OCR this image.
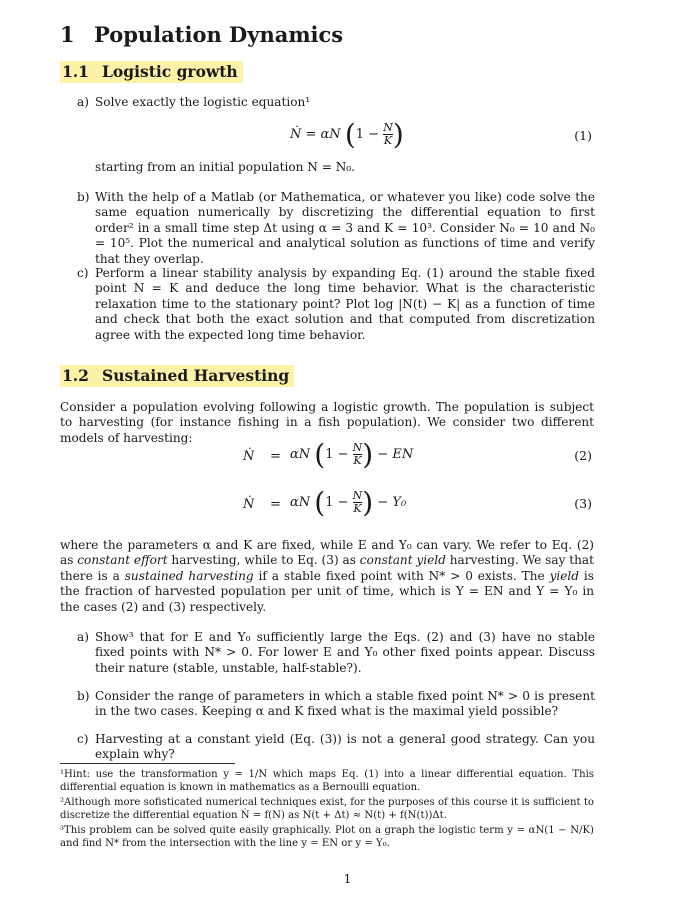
1 Population Dynamics
1.1 Logistic growth
a) Solve exactly the logistic equation¹
Ṅ = αN ($1 - \frac{N}{K}$ )	(1)
starting from an initial population N = N₀.
b) With the help of a Matlab (or Mathematica, or whatever you like) code solve the same equation numerically by discretizing the differential equation to first order² in a small time step Δt using α = 3 and K = 10³. Consider N₀ = 10 and N₀ = 10⁵. Plot the numerical and analytical solution as functions of time and verify that they overlap.
c) Perform a linear stability analysis by expanding Eq. (1) around the stable fixed point N = K and deduce the long time behavior. What is the characteristic relaxation time to the stationary point? Plot log |N(t) − K| as a function of time and check that both the exact solution and that computed from discretization agree with the expected long time behavior.
1.2 Sustained Harvesting
Consider a population evolving following a logistic growth. The population is subject to harvesting (for instance fishing in a fish population). We consider two different models of harvesting:
Ṅ = αN ($1 - \frac{N}{K}$ ) − EN	(2)
Ṅ = αN ($1 - \frac{N}{K}$ ) − Y₀	(3)
where the parameters α and K are fixed, while E and Y₀ can vary. We refer to Eq. (2) as constant effort harvesting, while to Eq. (3) as constant yield harvesting. We say that there is a sustained harvesting if a stable fixed point with N* > 0 exists. The yield is the fraction of harvested population per unit of time, which is Y = EN and Y = Y₀ in the cases (2) and (3) respectively.
a) Show³ that for E and Y₀ sufficiently large the Eqs. (2) and (3) have no stable fixed points with N* > 0. For lower E and Y₀ other fixed points appear. Discuss their nature (stable, unstable, half-stable?).
b) Consider the range of parameters in which a stable fixed point N* > 0 is present in the two cases. Keeping α and K fixed what is the maximal yield possible?
c) Harvesting at a constant yield (Eq. (3)) is not a general good strategy. Can you explain why?
¹Hint: use the transformation y = 1/N which maps Eq. (1) into a linear differential equation. This differential equation is known in mathematics as a Bernoulli equation.
²Although more sofisticated numerical techniques exist, for the purposes of this course it is sufficient to discretize the differential equation Ṅ = f(N) as N(t + Δt) ≈ N(t) + f(N(t))Δt.
³This problem can be solved quite easily graphically. Plot on a graph the logistic term y = αN(1 − N/K) and find N* from the intersection with the line y = EN or y = Y₀.
1
